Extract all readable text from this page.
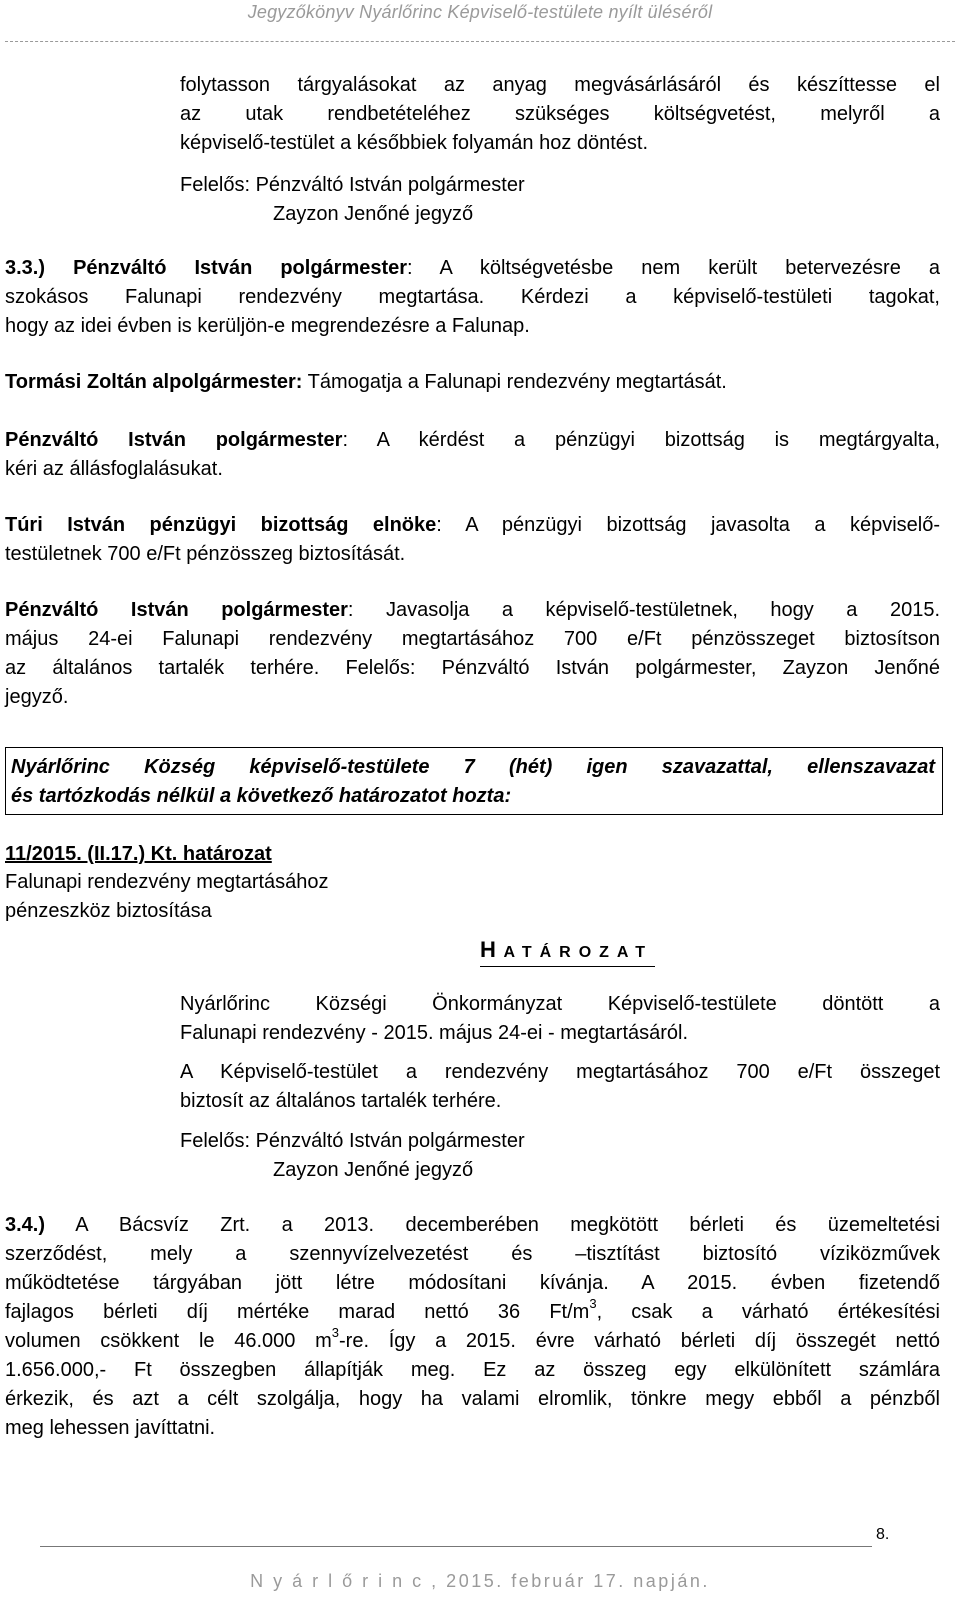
Jegyzőkönyv Nyárlőrinc Képviselő-testülete nyílt üléséről
folytasson tárgyalásokat az anyag megvásárlásáról és készíttesse el
az utak rendbetételéhez szükséges költségvetést, melyről a
képviselő-testület a későbbiek folyamán hoz döntést.
Felelős: Pénzváltó István polgármester
Zayzon Jenőné jegyző
3.3.) Pénzváltó István polgármester: A költségvetésbe nem került betervezésre a
szokásos Falunapi rendezvény megtartása. Kérdezi a képviselő-testületi tagokat,
hogy az idei évben is kerüljön-e megrendezésre a Falunap.
Tormási Zoltán alpolgármester: Támogatja a Falunapi rendezvény megtartását.
Pénzváltó István polgármester: A kérdést a pénzügyi bizottság is megtárgyalta,
kéri az állásfoglalásukat.
Túri István pénzügyi bizottság elnöke: A pénzügyi bizottság javasolta a képviselő-
testületnek 700 e/Ft pénzösszeg biztosítását.
Pénzváltó István polgármester: Javasolja a képviselő-testületnek, hogy a 2015.
május 24-ei Falunapi rendezvény megtartásához 700 e/Ft pénzösszeget biztosítson
az általános tartalék terhére. Felelős: Pénzváltó István polgármester, Zayzon Jenőné
jegyző.
Nyárlőrinc Község képviselő-testülete 7 (hét) igen szavazattal, ellenszavazat
és tartózkodás nélkül a következő határozatot hozta:
11/2015. (II.17.) Kt. határozat
Falunapi rendezvény megtartásához
pénzeszköz biztosítása
H ATÁROZAT
Nyárlőrinc Községi Önkormányzat Képviselő-testülete döntött a
Falunapi rendezvény - 2015. május 24-ei - megtartásáról.
A Képviselő-testület a rendezvény megtartásához 700 e/Ft összeget
biztosít az általános tartalék terhére.
Felelős: Pénzváltó István polgármester
Zayzon Jenőné jegyző
3.4.) A Bácsvíz Zrt. a 2013. decemberében megkötött bérleti és üzemeltetési
szerződést, mely a szennyvízelvezetést és –tisztítást biztosító víziközművek
működtetése tárgyában jött létre módosítani kívánja. A 2015. évben fizetendő
fajlagos bérleti díj mértéke marad nettó 36 $Ft/m^3$, csak a várható értékesítési
volumen csökkent le 46.000 $m^3-re$. Így a 2015. évre várható bérleti díj összegét nettó
1.656.000,- Ft összegben állapítják meg. Ez az összeg egy elkülönített számlára
érkezik, és azt a célt szolgálja, hogy ha valami elromlik, tönkre megy ebből a pénzből
meg lehessen javíttatni.
8.
N y á r l ő r i n c , 2015. február 17. napján.
